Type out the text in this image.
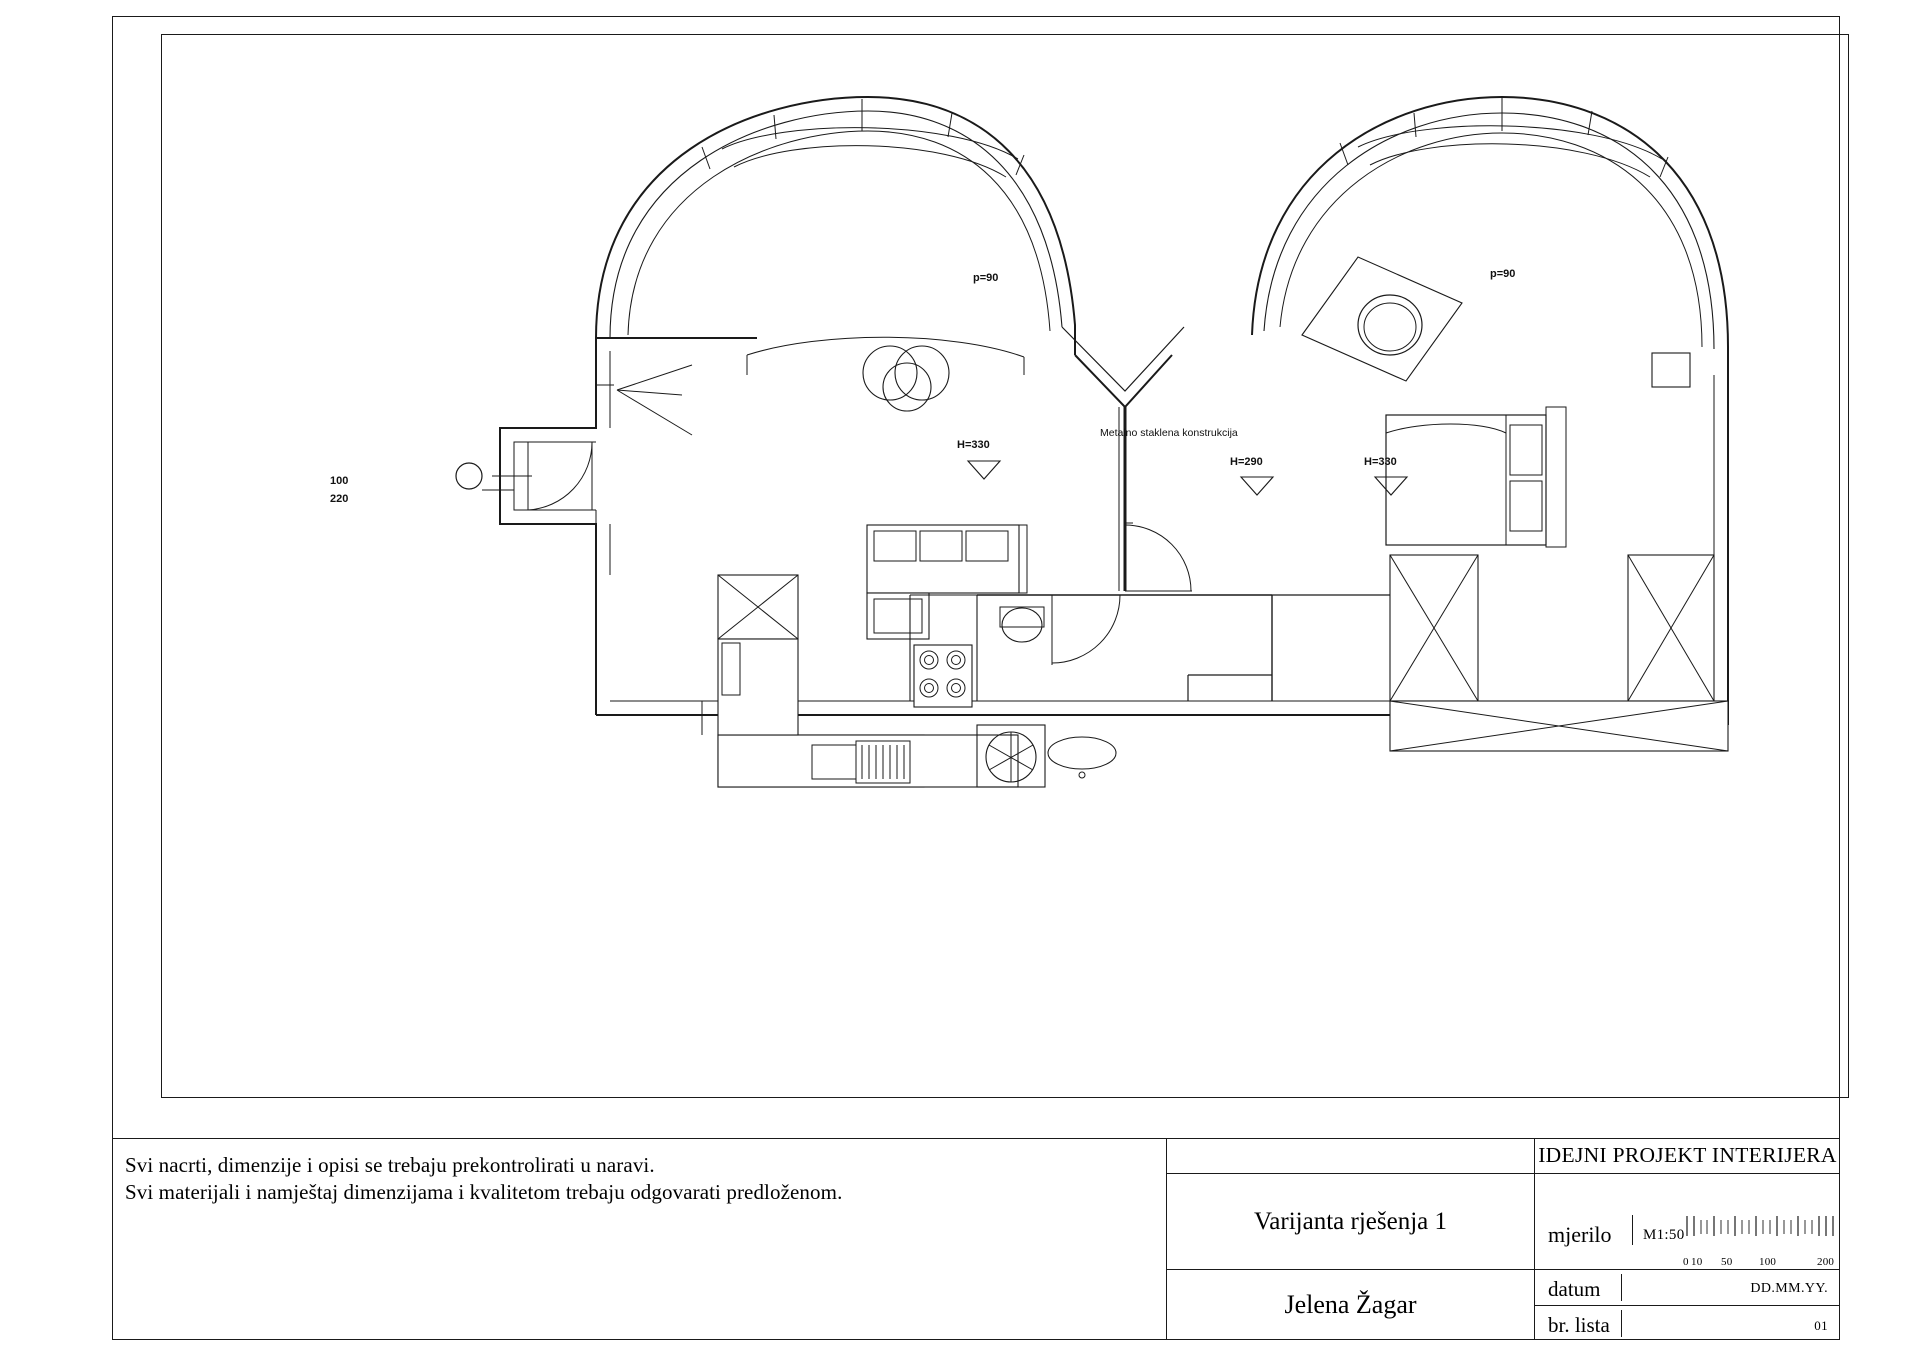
p=90	p=90
Metalno staklena konstrukcija
H=330
H=290	H=330
100
220
Svi nacrti, dimenzije i opisi se trebaju prekontrolirati u naravi.
Svi materijali i namještaj dimenzijama i kvalitetom trebaju odgovarati predloženom.
IDEJNI PROJEKT INTERIJERA
Varijanta rješenja 1
Jelena Žagar
mjerilo M1:50
0 10 50 100	200
datum	DD.MM.YY.
br. lista	01
